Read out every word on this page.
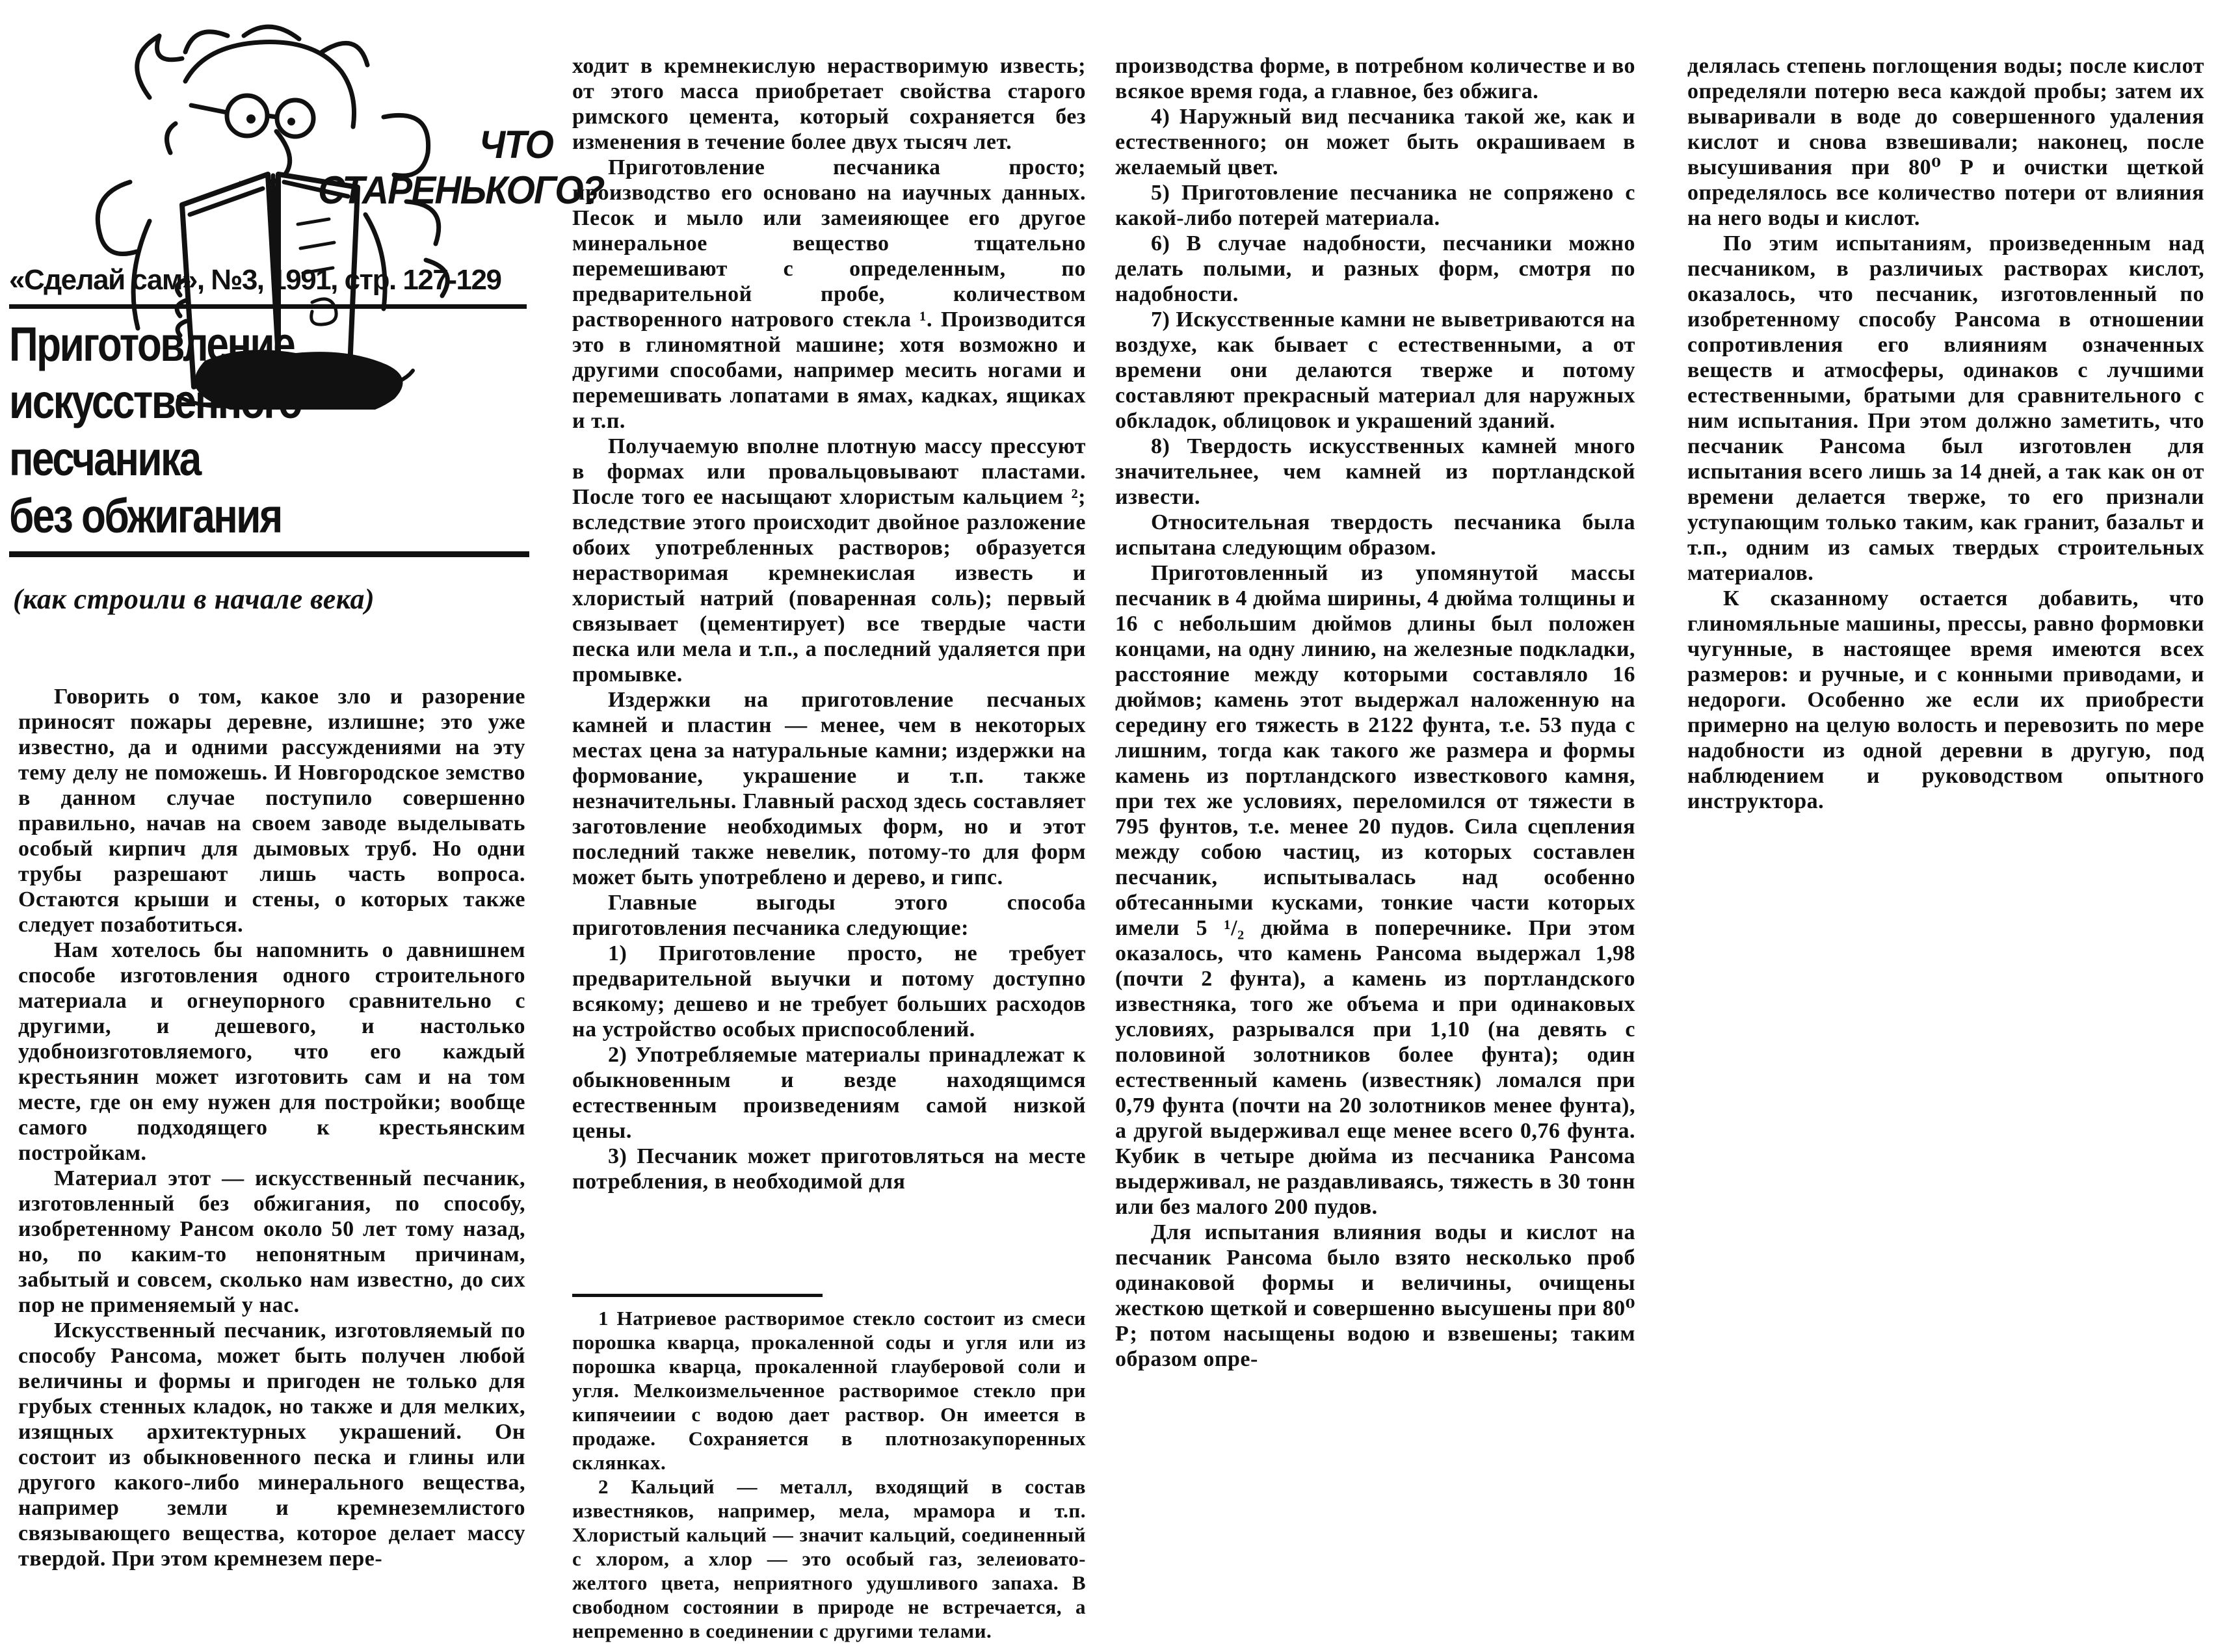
ЧТО
СТАРЕНЬКОГО?
«Сделай сам», №3, 1991, стр. 127-129
Приготовление
искусственного
песчаника
без обжигания
(как строили в начале века)

Говорить о том, какое зло и разорение приносят пожары деревне, излишне; это уже известно, да и одними рассуждениями на эту тему делу не поможешь. И Новгородское земство в данном случае поступило совершенно правильно, начав на своем заводе выделывать особый кирпич для дымовых труб. Но одни трубы разрешают лишь часть вопроса. Остаются крыши и стены, о которых также следует позаботиться.

Нам хотелось бы напомнить о давнишнем способе изготовления одного строительного материала и огнеупорного сравнительно с другими, и дешевого, и настолько удобноизготовляемого, что его каждый крестьянин может изготовить сам и на том месте, где он ему нужен для постройки; вообще самого подходящего к крестьянским постройкам.

Материал этот — искусственный песчаник, изготовленный без обжигания, по способу, изобретенному Рансом около 50 лет тому назад, но, по каким-то непонятным причинам, забытый и совсем, сколько нам известно, до сих пор не применяемый у нас.

Искусственный песчаник, изготовляемый по способу Рансома, может быть получен любой величины и формы и пригоден не только для грубых стенных кладок, но также и для мелких, изящных архитектурных украшений. Он состоит из обыкновенного песка и глины или другого какого-либо минерального вещества, например земли и кремнеземлистого связывающего вещества, которое делает массу твердой. При этом кремнезем пере-

ходит в кремнекислую нерастворимую известь; от этого масса приобретает свойства старого римского цемента, который сохраняется без изменения в течение более двух тысяч лет.

Приготовление песчаника просто; производство его основано на иаучных данных. Песок и мыло или замеияющее его другое минеральное вещество тщательно перемешивают с определенным, по предварительной пробе, количеством растворенного натрового стекла ¹. Производится это в глиномятной машине; хотя возможно и другими способами, например месить ногами и перемешивать лопатами в ямах, кадках, ящиках и т.п.

Получаемую вполне плотную массу прессуют в формах или провальцовывают пластами. После того ее насыщают хлористым кальцием ²; вследствие этого происходит двойное разложение обоих употребленных растворов; образуется нерастворимая кремнекислая известь и хлористый натрий (поваренная соль); первый связывает (цементирует) все твердые части песка или мела и т.п., а последний удаляется при промывке.

Издержки на приготовление песчаных камней и пластин — менее, чем в некоторых местах цена за натуральные камни; издержки на формование, украшение и т.п. также незначительны. Главный расход здесь составляет заготовление необходимых форм, но и этот последний также невелик, потому-то для форм может быть употреблено и дерево, и гипс.

Главные выгоды этого способа приготовления песчаника следующие:

1) Приготовление просто, не требует предварительной выучки и потому доступно всякому; дешево и не требует больших расходов на устройство особых приспособлений.

2) Употребляемые материалы принадлежат к обыкновенным и везде находящимся естественным произведениям самой низкой цены.

3) Песчаник может приготовляться на месте потребления, в необходимой для

1 Натриевое растворимое стекло состоит из смеси порошка кварца, прокаленной соды и угля или из порошка кварца, прокаленной глауберовой соли и угля. Мелкоизмельченное растворимое стекло при кипячеиии с водою дает раствор. Он имеется в продаже. Сохраняется в плотнозакупоренных склянках.

2 Кальций — металл, входящий в состав известняков, например, мела, мрамора и т.п. Хлористый кальций — значит кальций, соединенный с хлором, а хлор — это особый газ, зелеиовато-желтого цвета, неприятного удушливого запаха. В свободном состоянии в природе не встречается, а непременно в соединении с другими телами.

производства форме, в потребном количестве и во всякое время года, а главное, без обжига.

4) Наружный вид песчаника такой же, как и естественного; он может быть окрашиваем в желаемый цвет.

5) Приготовление песчаника не сопряжено с какой-либо потерей материала.

6) В случае надобности, песчаники можно делать полыми, и разных форм, смотря по надобности.

7) Искусственные камни не выветриваются на воздухе, как бывает с естественными, а от времени они делаются тверже и потому составляют прекрасный материал для наружных обкладок, облицовок и украшений зданий.

8) Твердость искусственных камней много значительнее, чем камней из портландской извести.

Относительная твердость песчаника была испытана следующим образом.

Приготовленный из упомянутой массы песчаник в 4 дюйма ширины, 4 дюйма толщины и 16 с небольшим дюймов длины был положен концами, на одну линию, на железные подкладки, расстояние между которыми составляло 16 дюймов; камень этот выдержал наложенную на середину его тяжесть в 2122 фунта, т.е. 53 пуда с лишним, тогда как такого же размера и формы камень из портландского известкового камня, при тех же условиях, переломился от тяжести в 795 фунтов, т.е. менее 20 пудов. Сила сцепления между собою частиц, из которых составлен песчаник, испытывалась над особенно обтесанными кусками, тонкие части которых имели 5 ¹/₂ дюйма в поперечнике. При этом оказалось, что камень Рансома выдержал 1,98 (почти 2 фунта), а камень из портландского известняка, того же объема и при одинаковых условиях, разрывался при 1,10 (на девять с половиной золотников более фунта); один естественный камень (известняк) ломался при 0,79 фунта (почти на 20 золотников менее фунта), а другой выдерживал еще менее всего 0,76 фунта. Кубик в четыре дюйма из песчаника Рансома выдерживал, не раздавливаясь, тяжесть в 30 тонн или без малого 200 пудов.

Для испытания влияния воды и кислот на песчаник Рансома было взято несколько проб одинаковой формы и величины, очищены жесткою щеткой и совершенно высушены при 80⁰ Р; потом насыщены водою и взвешены; таким образом опре-

делялась степень поглощения воды; после кислот определяли потерю веса каждой пробы; затем их вываривали в воде до совершенного удаления кислот и снова взвешивали; наконец, после высушивания при 80⁰ Р и очистки щеткой определялось все количество потери от влияния на него воды и кислот.

По этим испытаниям, произведенным над песчаником, в различиых растворах кислот, оказалось, что песчаник, изготовленный по изобретенному способу Рансома в отношении сопротивления его влияниям означенных веществ и атмосферы, одинаков с лучшими естественными, братыми для сравнительного с ним испытания. При этом должно заметить, что песчаник Рансома был изготовлен для испытания всего лишь за 14 дней, а так как он от времени делается тверже, то его признали уступающим только таким, как гранит, базальт и т.п., одним из самых твердых строительных материалов.

К сказанному остается добавить, что глиномяльные машины, прессы, равно формовки чугунные, в настоящее время имеются всех размеров: и ручные, и с конными приводами, и недороги. Особенно же если их приобрести примерно на целую волость и перевозить по мере надобности из одной деревни в другую, под наблюдением и руководством опытного инструктора.
